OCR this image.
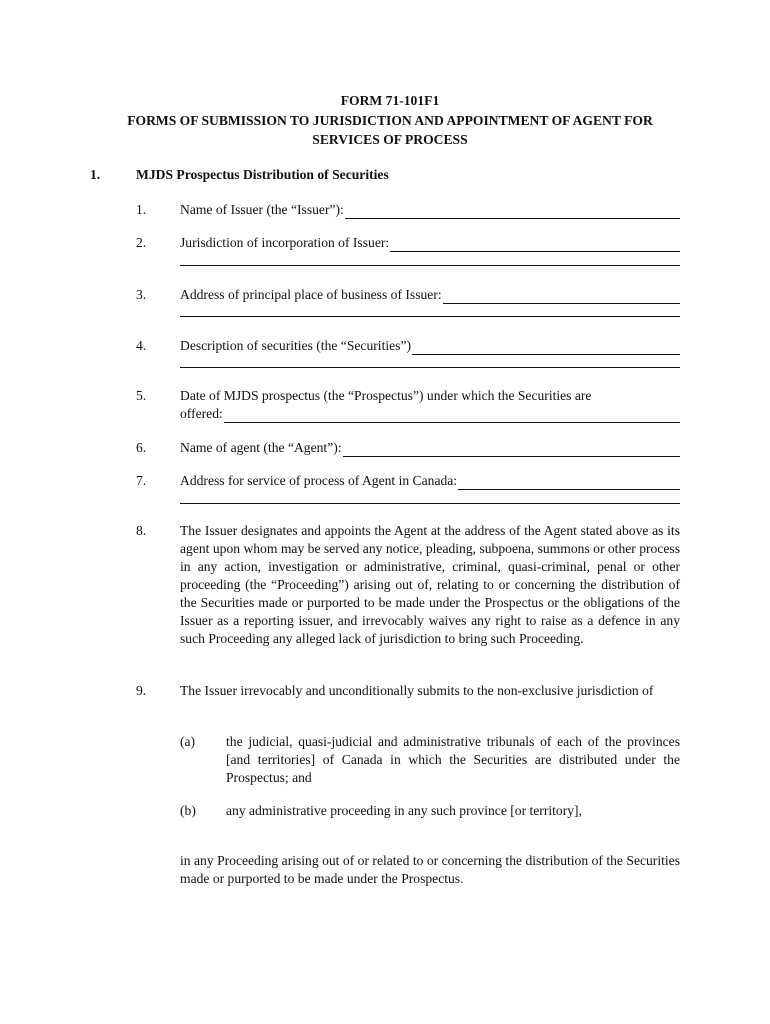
FORM 71-101F1
FORMS OF SUBMISSION TO JURISDICTION AND APPOINTMENT OF AGENT FOR
SERVICES OF PROCESS
1.	MJDS Prospectus Distribution of Securities
1. Name of Issuer (the “Issuer”):
2. Jurisdiction of incorporation of Issuer:
3. Address of principal place of business of Issuer:
4. Description of securities (the “Securities”)
5. Date of MJDS prospectus (the “Prospectus”) under which the Securities are
offered:
6. Name of agent (the “Agent”):
7. Address for service of process of Agent in Canada:
8. The Issuer designates and appoints the Agent at the address of the Agent stated above as its agent upon whom may be served any notice, pleading, subpoena, summons or other process in any action, investigation or administrative, criminal, quasi-criminal, penal or other proceeding (the “Proceeding”) arising out of, relating to or concerning the distribution of the Securities made or purported to be made under the Prospectus or the obligations of the Issuer as a reporting issuer, and irrevocably waives any right to raise as a defence in any such Proceeding any alleged lack of jurisdiction to bring such Proceeding.
9. The Issuer irrevocably and unconditionally submits to the non-exclusive jurisdiction of
(a) the judicial, quasi-judicial and administrative tribunals of each of the provinces [and territories] of Canada in which the Securities are distributed under the Prospectus; and
(b) any administrative proceeding in any such province [or territory],
in any Proceeding arising out of or related to or concerning the distribution of the Securities made or purported to be made under the Prospectus.
